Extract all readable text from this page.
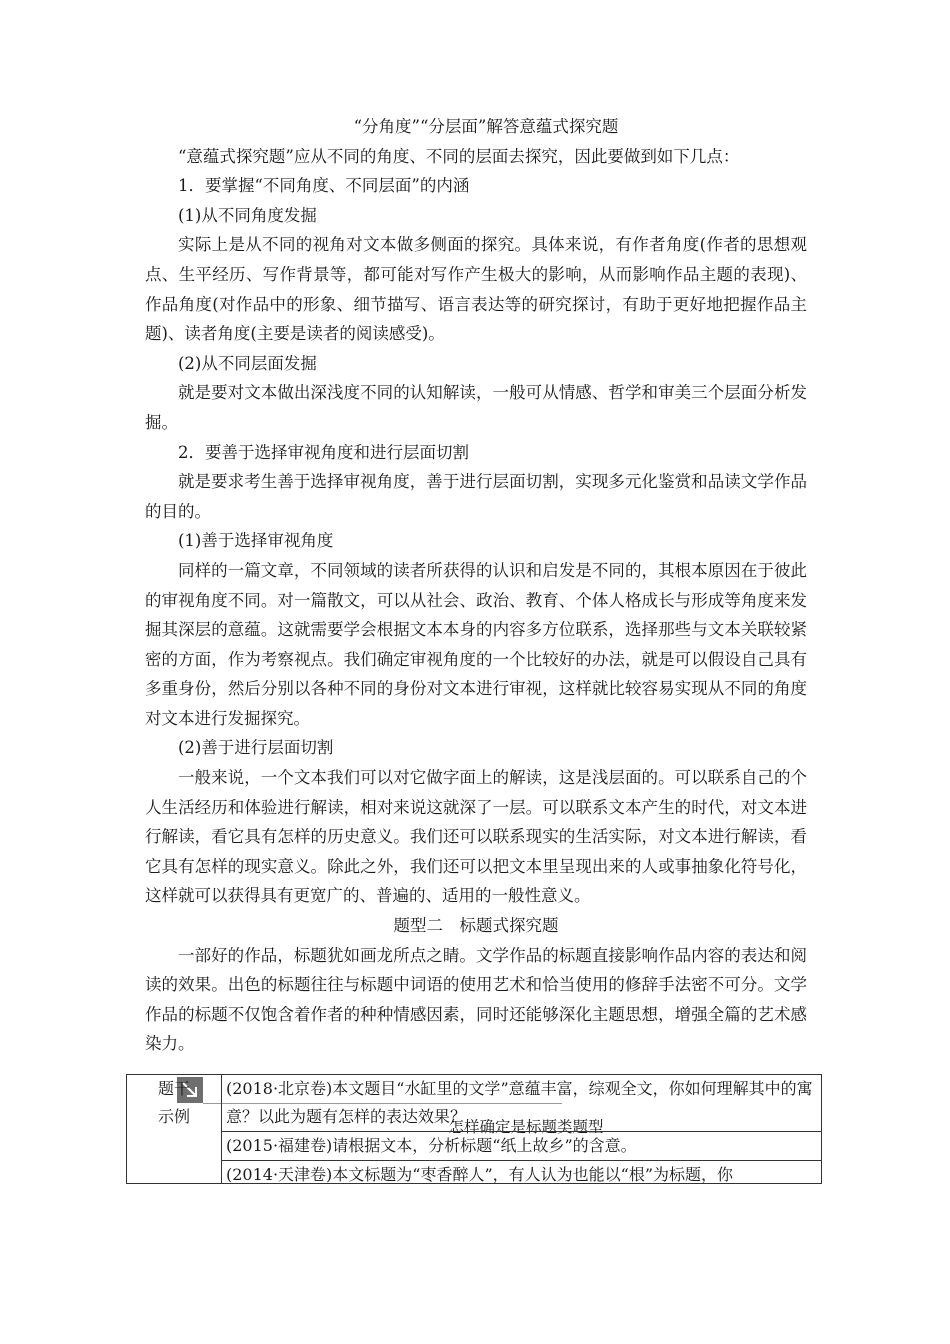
“分角度”“分层面”解答意蕴式探究题
“意蕴式探究题”应从不同的角度、不同的层面去探究，因此要做到如下几点：
1．要掌握“不同角度、不同层面”的内涵
(1)从不同角度发掘
实际上是从不同的视角对文本做多侧面的探究。具体来说，有作者角度(作者的思想观点、生平经历、写作背景等，都可能对写作产生极大的影响，从而影响作品主题的表现)、作品角度(对作品中的形象、细节描写、语言表达等的研究探讨，有助于更好地把握作品主题)、读者角度(主要是读者的阅读感受)。
(2)从不同层面发掘
就是要对文本做出深浅度不同的认知解读，一般可从情感、哲学和审美三个层面分析发掘。
2．要善于选择审视角度和进行层面切割
就是要求考生善于选择审视角度，善于进行层面切割，实现多元化鉴赏和品读文学作品的目的。
(1)善于选择审视角度
同样的一篇文章，不同领域的读者所获得的认识和启发是不同的，其根本原因在于彼此的审视角度不同。对一篇散文，可以从社会、政治、教育、个体人格成长与形成等角度来发掘其深层的意蕴。这就需要学会根据文本本身的内容多方位联系，选择那些与文本关联较紧密的方面，作为考察视点。我们确定审视角度的一个比较好的办法，就是可以假设自己具有多重身份，然后分别以各种不同的身份对文本进行审视，这样就比较容易实现从不同的角度对文本进行发掘探究。
(2)善于进行层面切割
一般来说，一个文本我们可以对它做字面上的解读，这是浅层面的。可以联系自己的个人生活经历和体验进行解读，相对来说这就深了一层。可以联系文本产生的时代，对文本进行解读，看它具有怎样的历史意义。我们还可以联系现实的生活实际，对文本进行解读，看它具有怎样的现实意义。除此之外，我们还可以把文本里呈现出来的人或事抽象化符号化，这样就可以获得具有更宽广的、普遍的、适用的一般性意义。
题型二　标题式探究题
一部好的作品，标题犹如画龙所点之睛。文学作品的标题直接影响作品内容的表达和阅读的效果。出色的标题往往与标题中词语的使用艺术和恰当使用的修辞手法密不可分。文学作品的标题不仅饱含着作者的种种情感因素，同时还能够深化主题思想，增强全篇的艺术感染力。
怎样确定是标题类题型
题干
示例
	(2018·北京卷)本文题目“水缸里的文学”意蕴丰富，综观全文，你如何理解其中的寓意？以此为题有怎样的表达效果？
(2015·福建卷)请根据文本，分析标题“纸上故乡”的含意。

(2014·天津卷)本文标题为“枣香醉人”，有人认为也能以“根”为标题，你
